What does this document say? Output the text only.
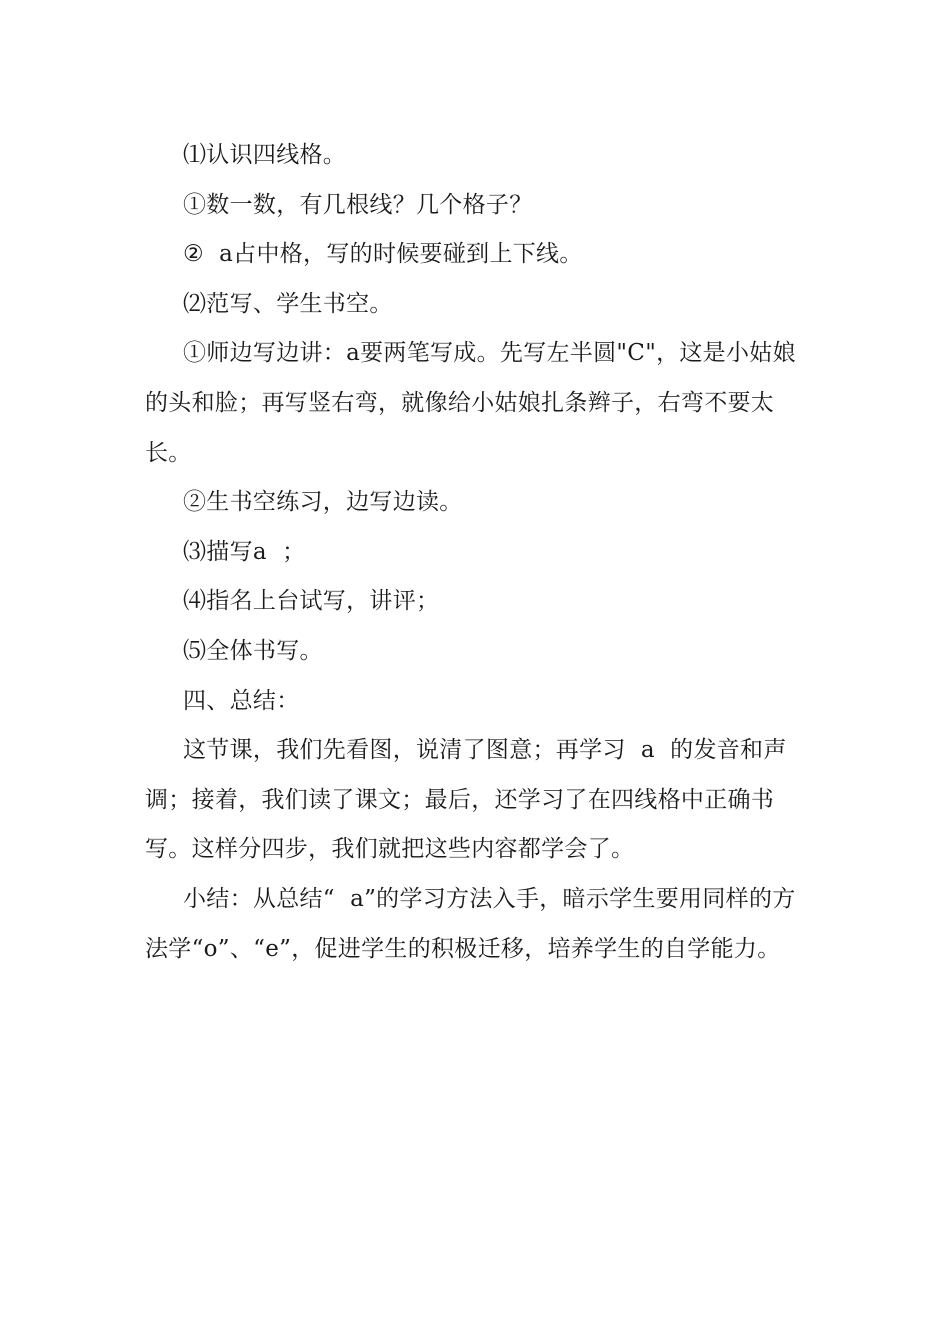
⑴认识四线格。

①数一数，有几根线？几个格子？

②  a占中格，写的时候要碰到上下线。

⑵范写、学生书空。

①师边写边讲：a要两笔写成。先写左半圆"C"，这是小姑娘的头和脸；再写竖右弯，就像给小姑娘扎条辫子，右弯不要太长。

②生书空练习，边写边读。

⑶描写a  ；

⑷指名上台试写，讲评；

⑸全体书写。

四、总结：

这节课，我们先看图，说清了图意；再学习  a  的发音和声调；接着，我们读了课文；最后，还学习了在四线格中正确书写。这样分四步，我们就把这些内容都学会了。

小结：从总结“  a”的学习方法入手，暗示学生要用同样的方法学“o”、“e”，促进学生的积极迁移，培养学生的自学能力。
